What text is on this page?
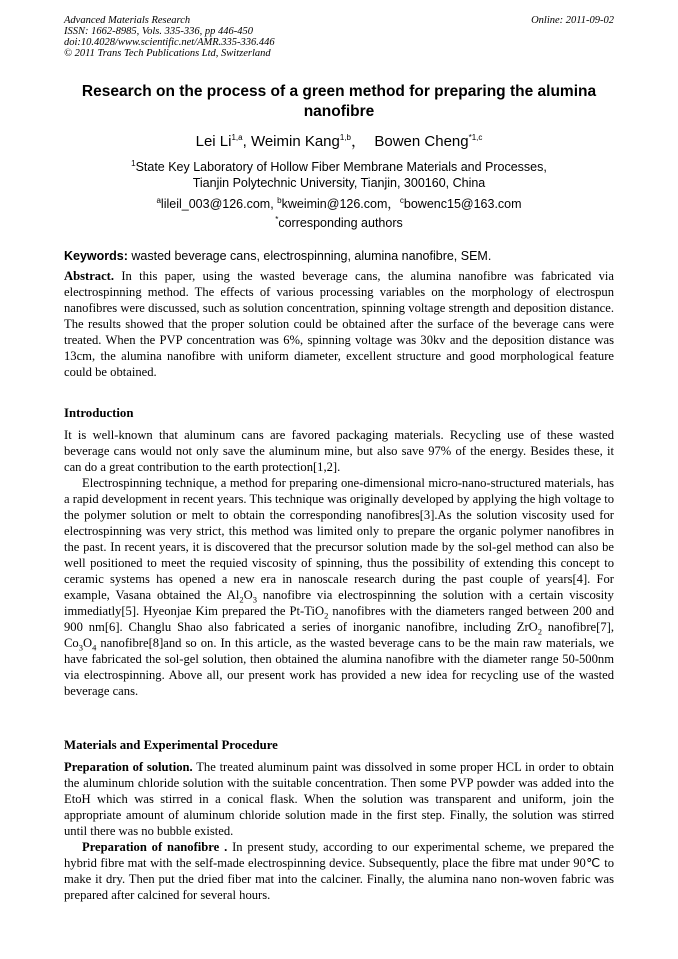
Advanced Materials Research
ISSN: 1662-8985, Vols. 335-336, pp 446-450
doi:10.4028/www.scientific.net/AMR.335-336.446
© 2011 Trans Tech Publications Ltd, Switzerland
Online: 2011-09-02
Research on the process of a green method for preparing the alumina nanofibre
Lei Li$^{1,a}$, Weimin Kang$^{1,b}$， Bowen Cheng$^{*1,c}$
$^1$State Key Laboratory of Hollow Fiber Membrane Materials and Processes,
Tianjin Polytechnic University, Tianjin, 300160, China
$^a$lileil_003@126.com, $^b$kweimin@126.com，$^c$bowenc15@163.com
*corresponding authors
Keywords: wasted beverage cans, electrospinning, alumina nanofibre, SEM.

Abstract. In this paper, using the wasted beverage cans, the alumina nanofibre was fabricated via electrospinning method. The effects of various processing variables on the morphology of electrospun nanofibres were discussed, such as solution concentration, spinning voltage strength and deposition distance. The results showed that the proper solution could be obtained after the surface of the beverage cans were treated. When the PVP concentration was 6%, spinning voltage was 30kv and the deposition distance was 13cm, the alumina nanofibre with uniform diameter, excellent structure and good morphological feature could be obtained.

Introduction

It is well-known that aluminum cans are favored packaging materials. Recycling use of these wasted beverage cans would not only save the aluminum mine, but also save 97% of the energy. Besides these, it can do a great contribution to the earth protection[1,2].

Electrospinning technique, a method for preparing one-dimensional micro-nano-structured materials, has a rapid development in recent years. This technique was originally developed by applying the high voltage to the polymer solution or melt to obtain the corresponding nanofibres[3].As the solution viscosity used for electrospinning was very strict, this method was limited only to prepare the organic polymer nanofibres in the past. In recent years, it is discovered that the precursor solution made by the sol-gel method can also be well positioned to meet the requied viscosity of spinning, thus the possibility of extending this concept to ceramic systems has opened a new era in nanoscale research during the past couple of years[4]. For example, Vasana obtained the $Al_2O_3$ nanofibre via electrospinning the solution with a certain viscosity immediatly[5]. Hyeonjae Kim prepared the Pt-TiO$_2$ nanofibres with the diameters ranged between 200 and 900 nm[6]. Changlu Shao also fabricated a series of inorganic nanofibre, including ZrO$_2$ nanofibre[7], $Co_3O_4$ nanofibre[8]and so on. In this article, as the wasted beverage cans to be the main raw materials, we have fabricated the sol-gel solution, then obtained the alumina nanofibre with the diameter range 50-500nm via electrospinning. Above all, our present work has provided a new idea for recycling use of the wasted beverage cans.

Materials and Experimental Procedure

Preparation of solution. The treated aluminum paint was dissolved in some proper HCL in order to obtain the aluminum chloride solution with the suitable concentration. Then some PVP powder was added into the EtoH which was stirred in a conical flask. When the solution was transparent and uniform, join the appropriate amount of aluminum chloride solution made in the first step. Finally, the solution was stirred until there was no bubble existed.

Preparation of nanofibre . In present study, according to our experimental scheme, we prepared the hybrid fibre mat with the self-made electrospinning device. Subsequently, place the fibre mat under 90℃ to make it dry. Then put the dried fiber mat into the calciner. Finally, the alumina nano non-woven fabric was prepared after calcined for several hours.
